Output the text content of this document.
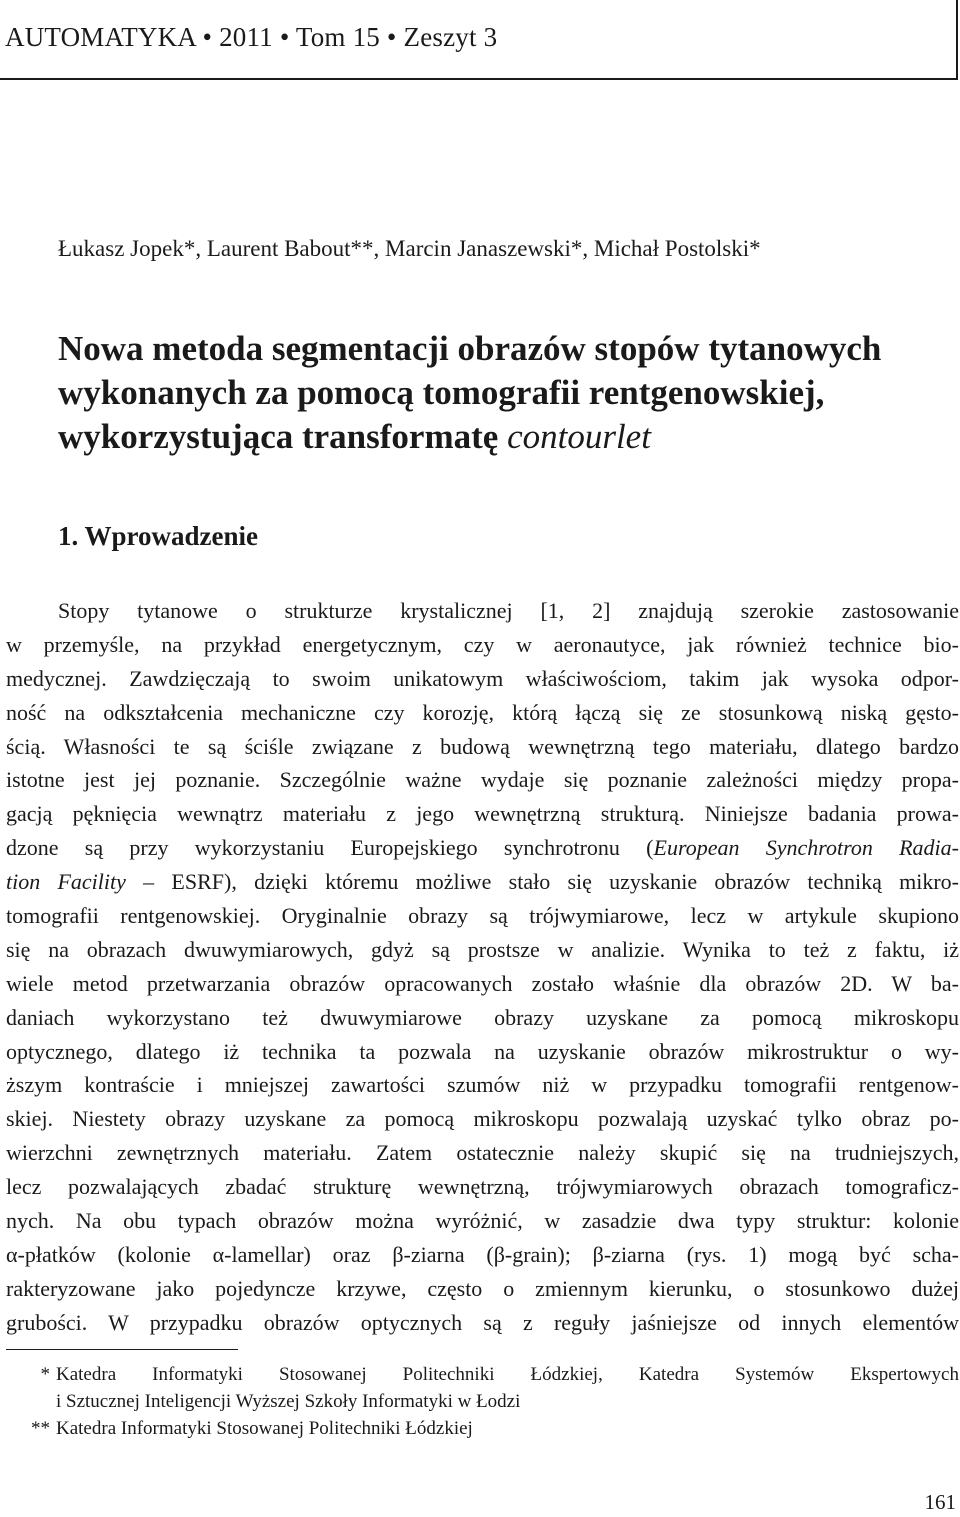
AUTOMATYKA • 2011 • Tom 15 • Zeszyt 3
Łukasz Jopek*, Laurent Babout**, Marcin Janaszewski*, Michał Postolski*
Nowa metoda segmentacji obrazów stopów tytanowych
wykonanych za pomocą tomografii rentgenowskiej,
wykorzystująca transformatę contourlet
1. Wprowadzenie
Stopy tytanowe o strukturze krystalicznej [1, 2] znajdują szerokie zastosowanie
w przemyśle, na przykład energetycznym, czy w aeronautyce, jak również technice bio-
medycznej. Zawdzięczają to swoim unikatowym właściwościom, takim jak wysoka odpor-
ność na odkształcenia mechaniczne czy korozję, którą łączą się ze stosunkową niską gęsto-
ścią. Własności te są ściśle związane z budową wewnętrzną tego materiału, dlatego bardzo
istotne jest jej poznanie. Szczególnie ważne wydaje się poznanie zależności między propa-
gacją pęknięcia wewnątrz materiału z jego wewnętrzną strukturą. Niniejsze badania prowa-
dzone są przy wykorzystaniu Europejskiego synchrotronu (European Synchrotron Radia-
tion Facility – ESRF), dzięki któremu możliwe stało się uzyskanie obrazów techniką mikro-
tomografii rentgenowskiej. Oryginalnie obrazy są trójwymiarowe, lecz w artykule skupiono
się na obrazach dwuwymiarowych, gdyż są prostsze w analizie. Wynika to też z faktu, iż
wiele metod przetwarzania obrazów opracowanych zostało właśnie dla obrazów 2D. W ba-
daniach wykorzystano też dwuwymiarowe obrazy uzyskane za pomocą mikroskopu
optycznego, dlatego iż technika ta pozwala na uzyskanie obrazów mikrostruktur o wy-
ższym kontraście i mniejszej zawartości szumów niż w przypadku tomografii rentgenow-
skiej. Niestety obrazy uzyskane za pomocą mikroskopu pozwalają uzyskać tylko obraz po-
wierzchni zewnętrznych materiału. Zatem ostatecznie należy skupić się na trudniejszych,
lecz pozwalających zbadać strukturę wewnętrzną, trójwymiarowych obrazach tomograficz-
nych. Na obu typach obrazów można wyróżnić, w zasadzie dwa typy struktur: kolonie
α-płatków (kolonie α-lamellar) oraz β-ziarna (β-grain); β-ziarna (rys. 1) mogą być scha-
rakteryzowane jako pojedyncze krzywe, często o zmiennym kierunku, o stosunkowo dużej
grubości. W przypadku obrazów optycznych są z reguły jaśniejsze od innych elementów
* Katedra Informatyki Stosowanej Politechniki Łódzkiej, Katedra Systemów Ekspertowych
i Sztucznej Inteligencji Wyższej Szkoły Informatyki w Łodzi
** Katedra Informatyki Stosowanej Politechniki Łódzkiej
161
